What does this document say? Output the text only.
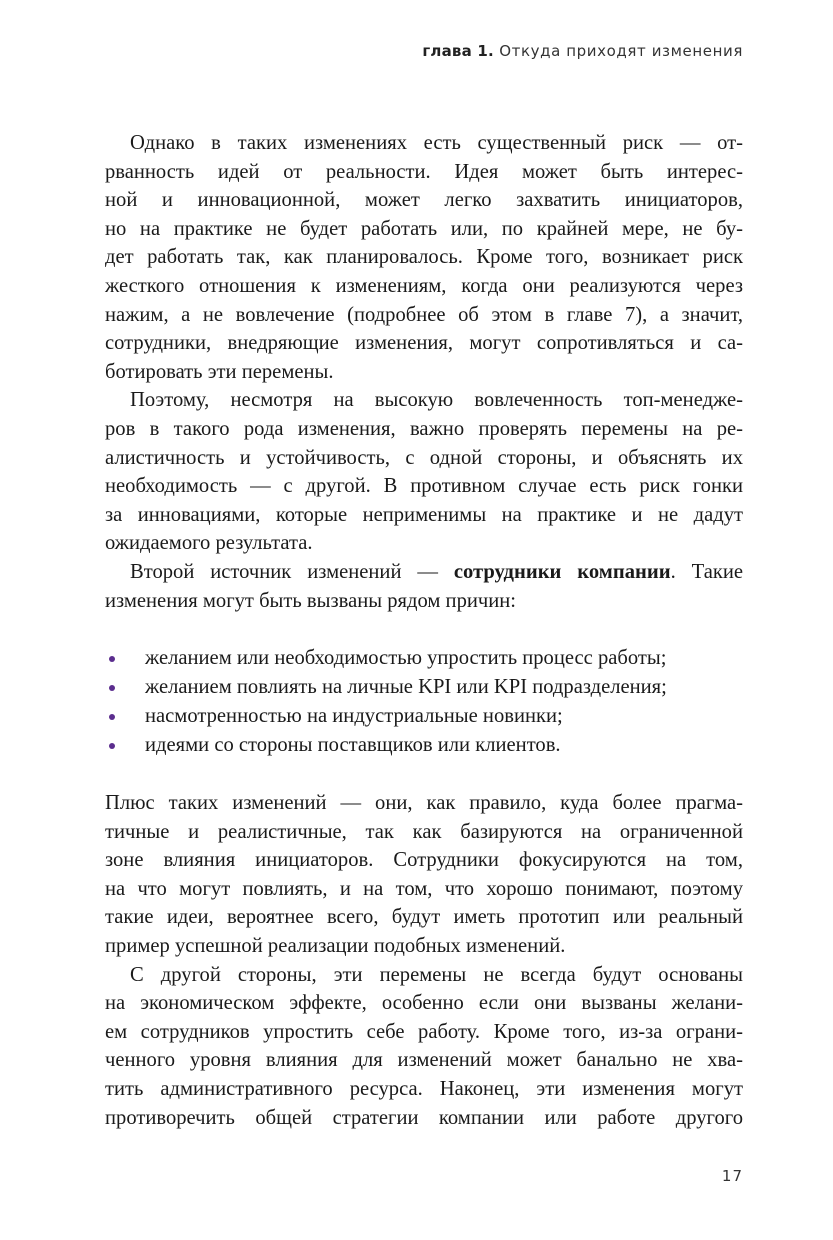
глава 1. Откуда приходят изменения
Однако в таких изменениях есть существенный риск — от-
рванность идей от реальности. Идея может быть интерес-
ной и инновационной, может легко захватить инициаторов,
но на практике не будет работать или, по крайней мере, не бу-
дет работать так, как планировалось. Кроме того, возникает риск
жесткого отношения к изменениям, когда они реализуются через
нажим, а не вовлечение (подробнее об этом в главе 7), а значит,
сотрудники, внедряющие изменения, могут сопротивляться и са-
ботировать эти перемены.
Поэтому, несмотря на высокую вовлеченность топ-менедже-
ров в такого рода изменения, важно проверять перемены на ре-
алистичность и устойчивость, с одной стороны, и объяснять их
необходимость — с другой. В противном случае есть риск гонки
за инновациями, которые неприменимы на практике и не дадут
ожидаемого результата.
Второй источник изменений — сотрудники компании. Такие
изменения могут быть вызваны рядом причин:
желанием или необходимостью упростить процесс работы;
желанием повлиять на личные KPI или KPI подразделения;
насмотренностью на индустриальные новинки;
идеями со стороны поставщиков или клиентов.
Плюс таких изменений — они, как правило, куда более прагма-
тичные и реалистичные, так как базируются на ограниченной
зоне влияния инициаторов. Сотрудники фокусируются на том,
на что могут повлиять, и на том, что хорошо понимают, поэтому
такие идеи, вероятнее всего, будут иметь прототип или реальный
пример успешной реализации подобных изменений.
С другой стороны, эти перемены не всегда будут основаны
на экономическом эффекте, особенно если они вызваны желани-
ем сотрудников упростить себе работу. Кроме того, из-за ограни-
ченного уровня влияния для изменений может банально не хва-
тить административного ресурса. Наконец, эти изменения могут
противоречить общей стратегии компании или работе другого
17
